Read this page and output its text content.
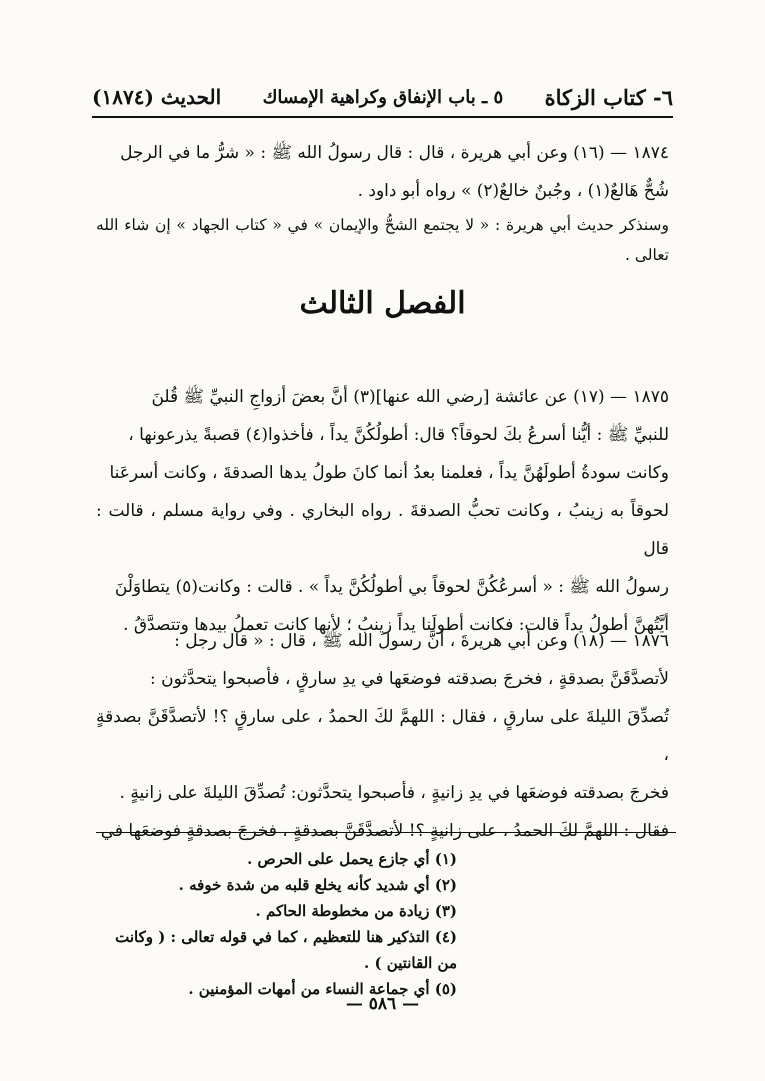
٦- كتاب الزكاة
٥ ـ باب الإنفاق وكراهية الإمساك
الحديث (١٨٧٤)

١٨٧٤ — (١٦) وعن أبي هريرة ، قال : قال رسولُ الله ﷺ : « شرُّ ما في الرجل

شُحٌّ هَالعٌ(١) ، وجُبنٌ خالعٌ(٢) » رواه أبو داود .

وسنذكر حديث أبي هريرة : « لا يجتمع الشحُّ والإيمان » في « كتاب الجهاد » إن شاء الله تعالى .

الفصل الثالث

١٨٧٥ — (١٧) عن عائشة [رضي الله عنها](٣) أنَّ بعضَ أزواجِ النبيِّ ﷺ قُلنَ

للنبيِّ ﷺ : أيُّنا أسرعُ بكَ لحوقاً؟ قال: أطولُكُنَّ يداً ، فأخذوا(٤) قصبةً يذرعونها ،

وكانت سودةُ أطولَهُنَّ يداً ، فعلمنا بعدُ أنما كانَ طولُ يدها الصدقةَ ، وكانت أسرعَنا

لحوقاً به زينبُ ، وكانت تحبُّ الصدقةَ . رواه البخاري . وفي رواية مسلم ، قالت : قال

رسولُ الله ﷺ : « أسرعُكُنَّ لحوقاً بي أطولُكُنَّ يداً » . قالت : وكانت(٥) يتطاوَلْنَ

أيَّتُهنَّ أطولُ يداً قالت: فكانت أطولَنا يداً زينبُ ؛ لأنها كانت تعملُ بيدها وتتصدَّقُ .

١٨٧٦ — (١٨) وعن أبي هريرةَ ، أنَّ رسولَ الله ﷺ ، قال : « قال رجل :

لأتصدَّقَنَّ بصدقةٍ ، فخرجَ بصدقته فوضعَها في يدِ سارقٍ ، فأصبحوا يتحدَّثون :

تُصدِّقَ الليلةَ على سارقٍ ، فقال : اللهمَّ لكَ الحمدُ ، على سارقٍ ؟! لأتصدَّقَنَّ بصدقةٍ ،

فخرجَ بصدقته فوضعَها في يدِ زانيةٍ ، فأصبحوا يتحدَّثون: تُصدِّقَ الليلةَ على زانيةٍ .

فقال : اللهمَّ لكَ الحمدُ ، على زانيةٍ ؟! لأتصدَّقَنَّ بصدقةٍ ، فخرجَ بصدقةٍ فوضعَها في

(١) أي جازع يحمل على الحرص .
(٢) أي شديد كأنه يخلع قلبه من شدة خوفه .
(٣) زيادة من مخطوطة الحاكم .
(٤) التذكير هنا للتعظيم ، كما في قوله تعالى : ( وكانت من القانتين ) .
(٥) أي جماعة النساء من أمهات المؤمنين .
— ٥٨٦ —
